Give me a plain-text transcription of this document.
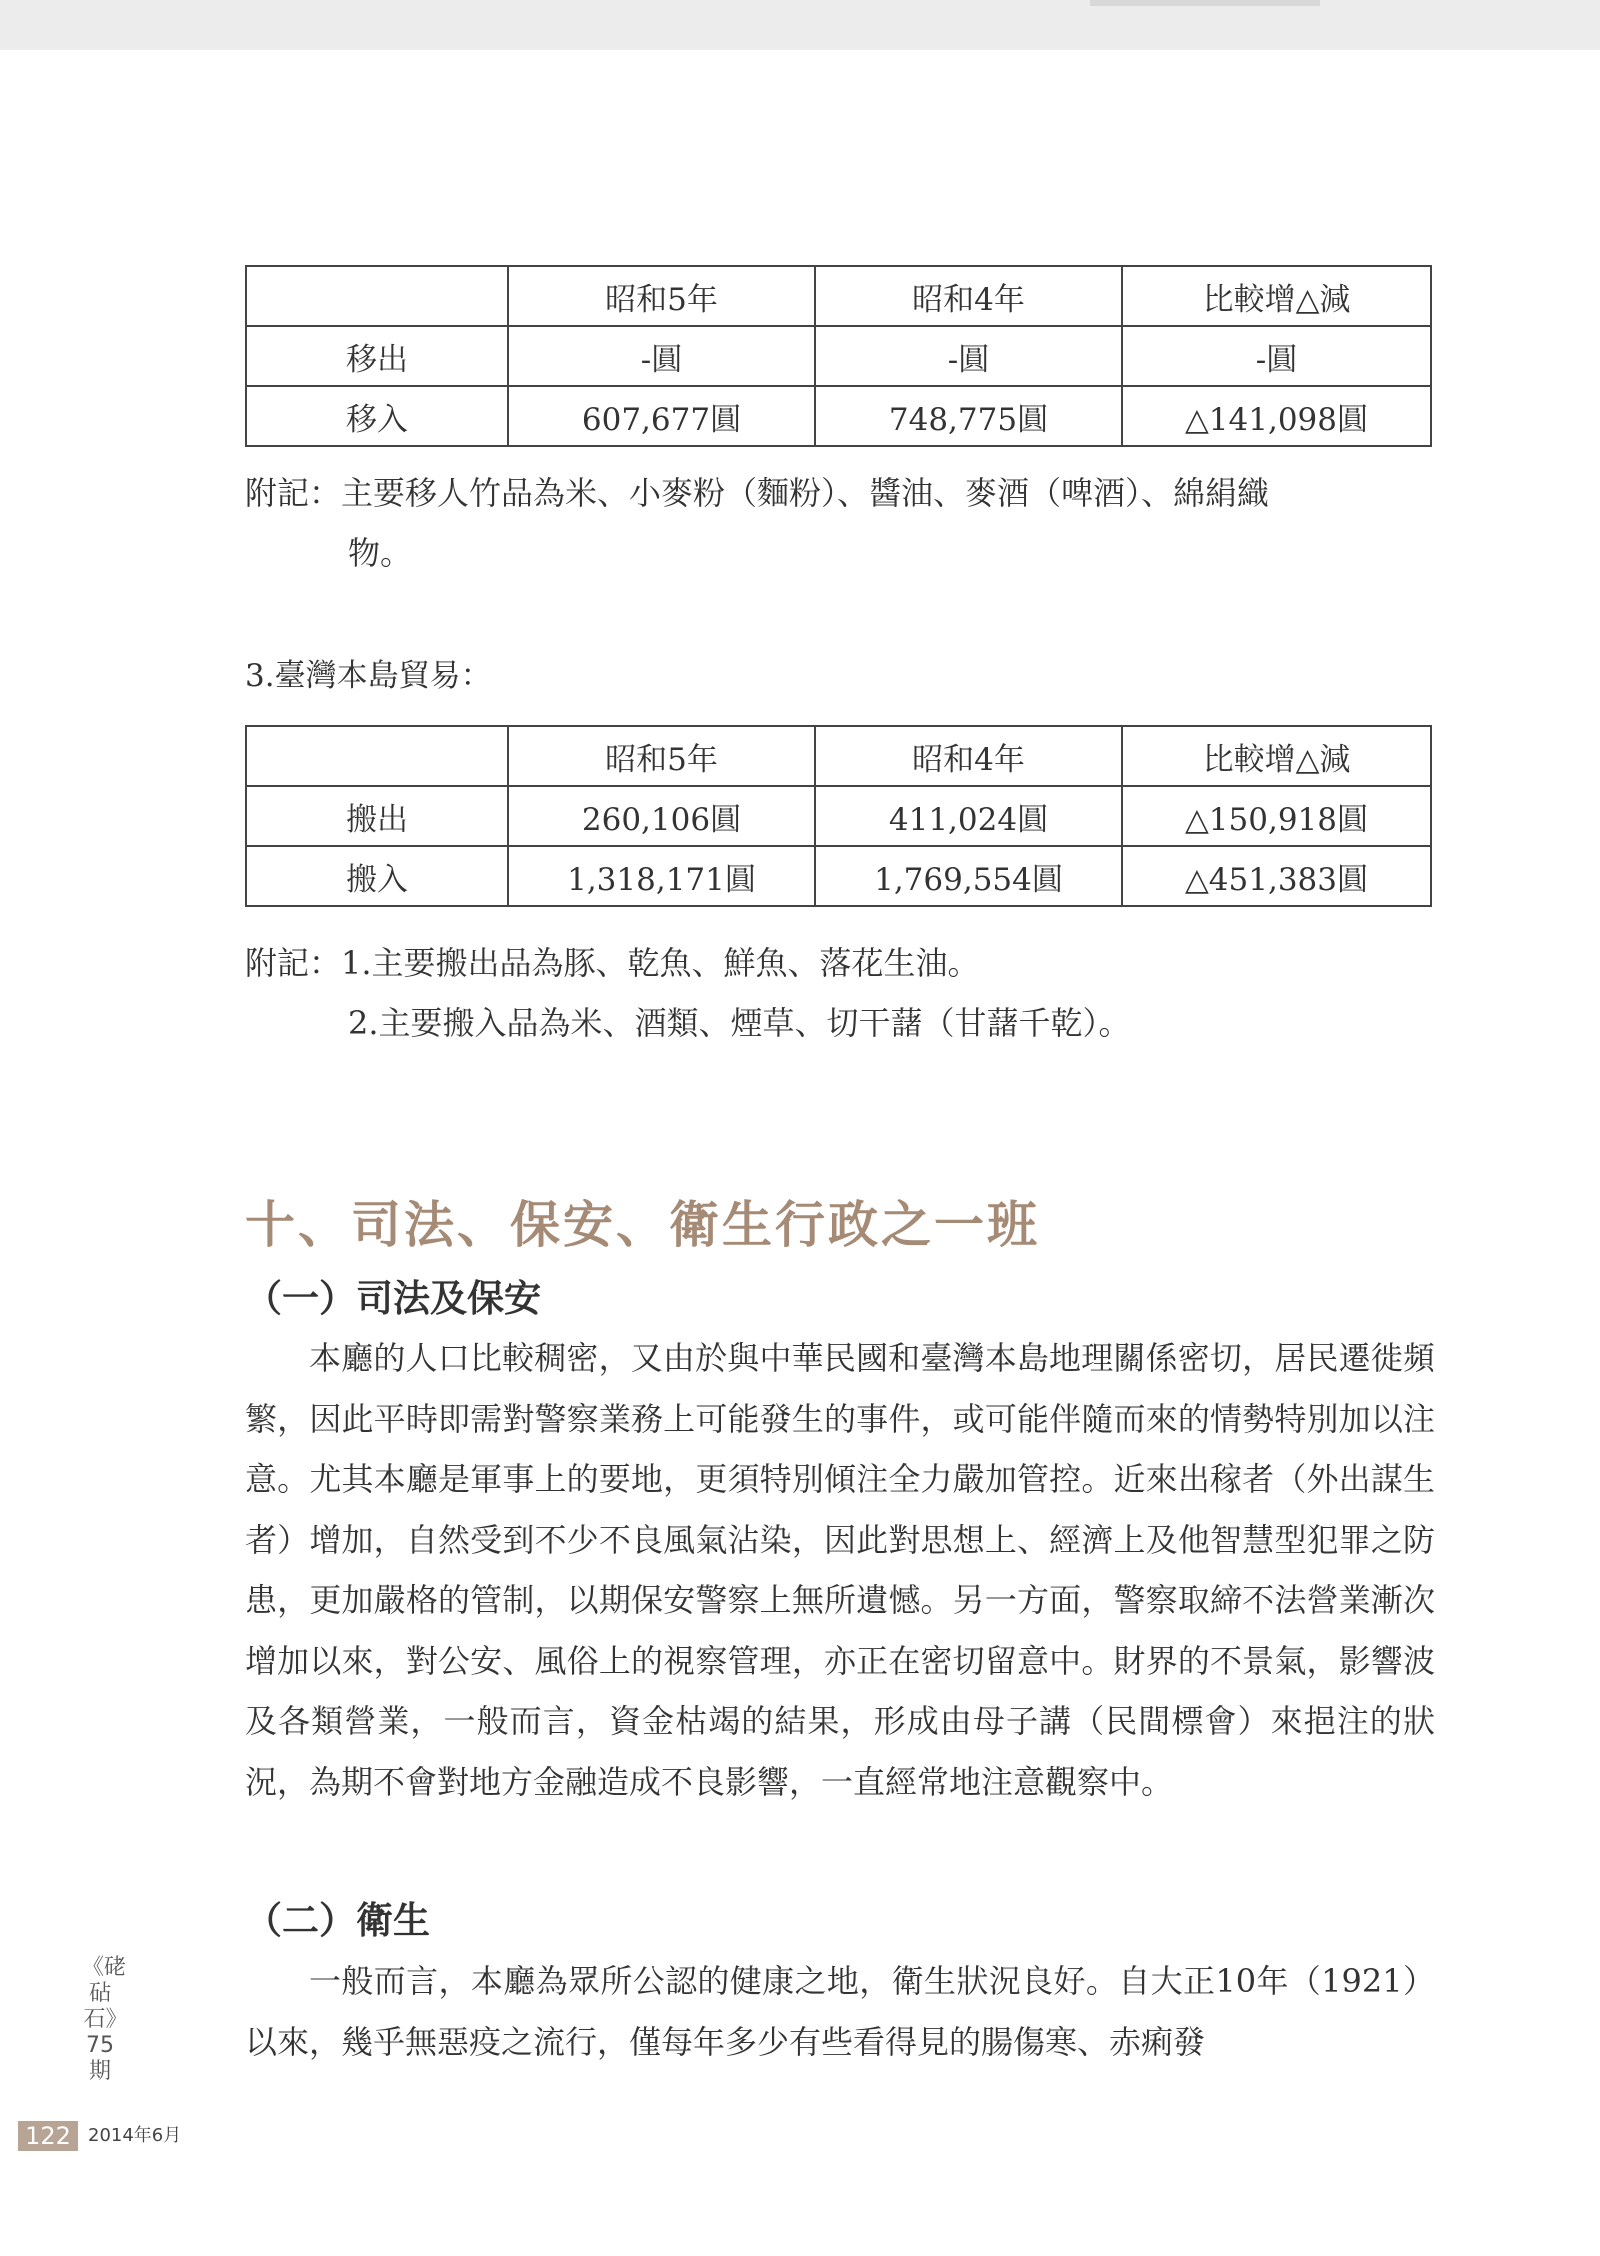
	昭和5年	昭和4年	比較增△減
移出	-圓	-圓	-圓
移入	607,677圓	748,775圓	△141,098圓
附記：主要移人竹品為米、小麥粉（麵粉）、醬油、麥酒（啤酒）、綿絹織
物。
3.臺灣本島貿易：
	昭和5年	昭和4年	比較增△減
搬出	260,106圓	411,024圓	△150,918圓
搬入	1,318,171圓	1,769,554圓	△451,383圓
附記：1.主要搬出品為豚、乾魚、鮮魚、落花生油。
2.主要搬入品為米、酒類、煙草、切干藷（甘藷千乾）。
十、司法、保安、衛生行政之一班
（一）司法及保安

本廳的人口比較稠密，又由於與中華民國和臺灣本島地理關係密切，居民遷徙頻繁，因此平時即需對警察業務上可能發生的事件，或可能伴隨而來的情勢特別加以注意。尤其本廳是軍事上的要地，更須特別傾注全力嚴加管控。近來出稼者（外出謀生者）增加，自然受到不少不良風氣沾染，因此對思想上、經濟上及他智慧型犯罪之防患，更加嚴格的管制，以期保安警察上無所遺憾。另一方面，警察取締不法營業漸次增加以來，對公安、風俗上的視察管理，亦正在密切留意中。財界的不景氣，影響波及各類營業，一般而言，資金枯竭的結果，形成由母子講（民間標會）來挹注的狀況，為期不會對地方金融造成不良影響，一直經常地注意觀察中。

（二）衛生

一般而言，本廳為眾所公認的健康之地，衛生狀況良好。自大正10年（1921）以來，幾乎無惡疫之流行，僅每年多少有些看得見的腸傷寒、赤痢發

《硓砧石》75期
122 2014年6月
